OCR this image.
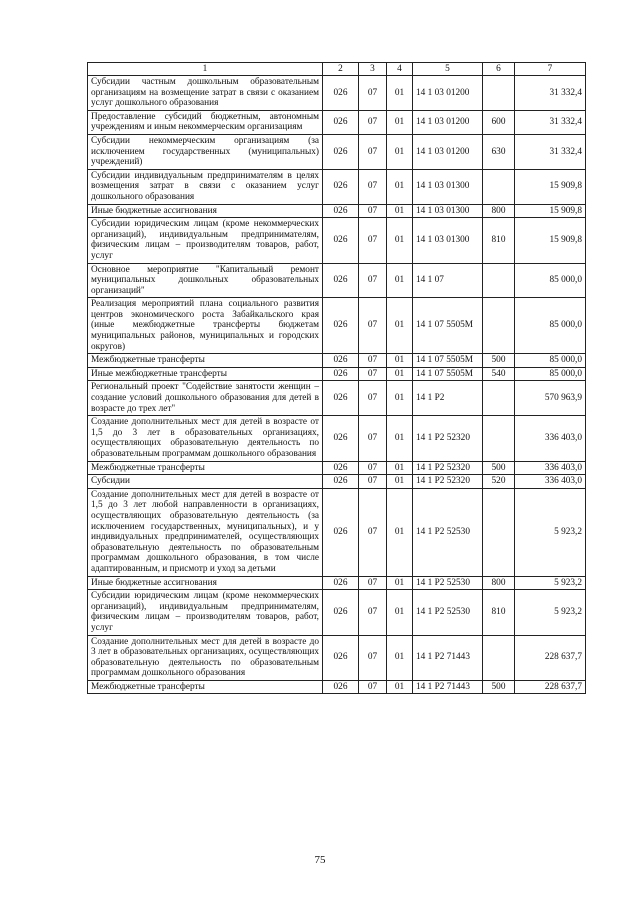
1	2	3	4	5	6	7
Субсидии частным дошкольным образовательным организациям на возмещение затрат в связи с оказанием услуг дошкольного образования	026	07	01	14 1 03 01200		31 332,4
Предоставление субсидий бюджетным, автономным учреждениям и иным некоммерческим организациям	026	07	01	14 1 03 01200	600	31 332,4
Субсидии некоммерческим организациям (за исключением государственных (муниципальных) учреждений)	026	07	01	14 1 03 01200	630	31 332,4
Субсидии индивидуальным предпринимателям в целях возмещения затрат в связи с оказанием услуг дошкольного образования	026	07	01	14 1 03 01300		15 909,8
Иные бюджетные ассигнования	026	07	01	14 1 03 01300	800	15 909,8
Субсидии юридическим лицам (кроме некоммерческих организаций), индивидуальным предпринимателям, физическим лицам – производителям товаров, работ, услуг	026	07	01	14 1 03 01300	810	15 909,8
Основное мероприятие "Капитальный ремонт муниципальных дошкольных образовательных организаций"	026	07	01	14 1 07		85 000,0
Реализация мероприятий плана социального развития центров экономического роста Забайкальского края (иные межбюджетные трансферты бюджетам муниципальных районов, муниципальных и городских округов)	026	07	01	14 1 07 5505M		85 000,0
Межбюджетные трансферты	026	07	01	14 1 07 5505M	500	85 000,0
Иные межбюджетные трансферты	026	07	01	14 1 07 5505M	540	85 000,0
Региональный проект "Содействие занятости женщин – создание условий дошкольного образования для детей в возрасте до трех лет"	026	07	01	14 1 P2		570 963,9
Создание дополнительных мест для детей в возрасте от 1,5 до 3 лет в образовательных организациях, осуществляющих образовательную деятельность по образовательным программам дошкольного образования	026	07	01	14 1 P2 52320		336 403,0
Межбюджетные трансферты	026	07	01	14 1 P2 52320	500	336 403,0
Субсидии	026	07	01	14 1 P2 52320	520	336 403,0
Создание дополнительных мест для детей в возрасте от 1,5 до 3 лет любой направленности в организациях, осуществляющих образовательную деятельность (за исключением государственных, муниципальных), и у индивидуальных предпринимателей, осуществляющих образовательную деятельность по образовательным программам дошкольного образования, в том числе адаптированным, и присмотр и уход за детьми	026	07	01	14 1 P2 52530		5 923,2
Иные бюджетные ассигнования	026	07	01	14 1 P2 52530	800	5 923,2
Субсидии юридическим лицам (кроме некоммерческих организаций), индивидуальным предпринимателям, физическим лицам – производителям товаров, работ, услуг	026	07	01	14 1 P2 52530	810	5 923,2
Создание дополнительных мест для детей в возрасте до 3 лет в образовательных организациях, осуществляющих образовательную деятельность по образовательным программам дошкольного образования	026	07	01	14 1 P2 71443		228 637,7
Межбюджетные трансферты	026	07	01	14 1 P2 71443	500	228 637,7
75
